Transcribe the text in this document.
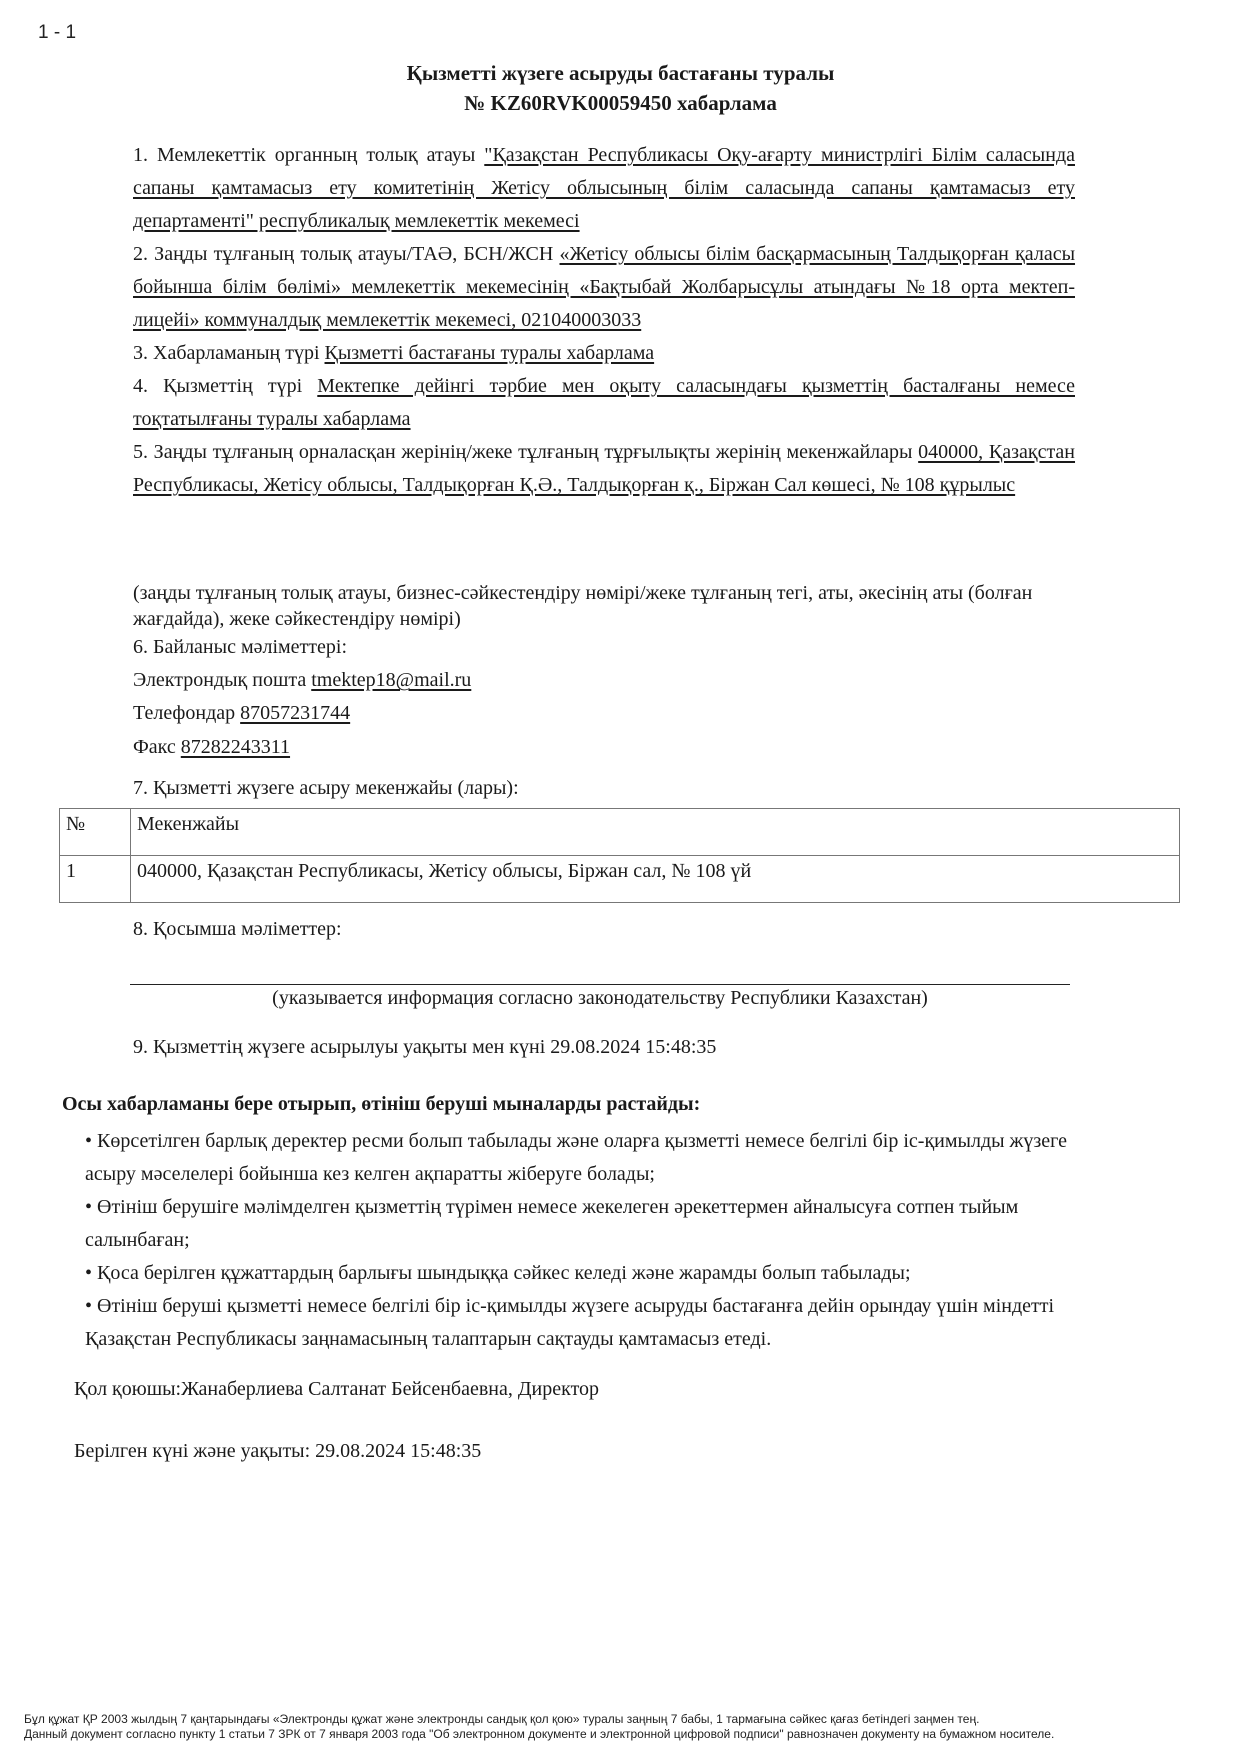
1 - 1
Қызметті жүзеге асыруды бастағаны туралы
№ KZ60RVK00059450 хабарлама

1. Мемлекеттік органның толық атауы "Қазақстан Республикасы Оқу-ағарту министрлігі Білім саласында сапаны қамтамасыз ету комитетінің Жетісу облысының білім саласында сапаны қамтамасыз ету департаменті" республикалық мемлекеттік мекемесі

2. Заңды тұлғаның толық атауы/ТАӘ, БСН/ЖСН «Жетісу облысы білім басқармасының Талдықорған қаласы бойынша білім бөлімі» мемлекеттік мекемесінің «Бақтыбай Жолбарысұлы атындағы №18 орта мектеп-лицейі» коммуналдық мемлекеттік мекемесі, 021040003033

3. Хабарламаның түрі Қызметті бастағаны туралы хабарлама

4. Қызметтің түрі Мектепке дейінгі тәрбие мен оқыту саласындағы қызметтің басталғаны немесе тоқтатылғаны туралы хабарлама

5. Заңды тұлғаның орналасқан жерінің/жеке тұлғаның тұрғылықты жерінің мекенжайлары 040000, Қазақстан Республикасы, Жетісу облысы, Талдықорған Қ.Ә., Талдықорған қ., Біржан Сал көшесі, № 108 құрылыс

(заңды тұлғаның толық атауы, бизнес-сәйкестендіру нөмірі/жеке тұлғаның тегі, аты, әкесінің аты (болған жағдайда), жеке сәйкестендіру нөмірі)
6. Байланыс мәліметтері:
Электрондық пошта tmektep18@mail.ru
Телефондар 87057231744
Факс 87282243311
7. Қызметті жүзеге асыру мекенжайы (лары):
№	Мекенжайы
1	040000, Қазақстан Республикасы, Жетісу облысы, Біржан сал, № 108 үй
8. Қосымша мәліметтер:
(указывается информация согласно законодательству Республики Казахстан)
9. Қызметтің жүзеге асырылуы уақыты мен күні 29.08.2024 15:48:35
Осы хабарламаны бере отырып, өтініш беруші мыналарды растайды:

• Көрсетілген барлық деректер ресми болып табылады және оларға қызметті немесе белгілі бір іс-қимылды жүзеге асыру мәселелері бойынша кез келген ақпаратты жіберуге болады;

• Өтініш берушіге мәлімделген қызметтің түрімен немесе жекелеген әрекеттермен айналысуға сотпен тыйым салынбаған;

• Қоса берілген құжаттардың барлығы шындыққа сәйкес келеді және жарамды болып табылады;

• Өтініш беруші қызметті немесе белгілі бір іс-қимылды жүзеге асыруды бастағанға дейін орындау үшін міндетті Қазақстан Республикасы заңнамасының талаптарын сақтауды қамтамасыз етеді.

Қол қоюшы:Жанаберлиева Салтанат Бейсенбаевна, Директор
Берілген күні және уақыты: 29.08.2024 15:48:35
Бұл құжат ҚР 2003 жылдың 7 қаңтарындағы «Электронды құжат және электронды сандық қол қою» туралы заңның 7 бабы, 1 тармағына сәйкес қағаз бетіндегі заңмен тең.
Данный документ согласно пункту 1 статьи 7 ЗРК от 7 января 2003 года "Об электронном документе и электронной цифровой подписи" равнозначен документу на бумажном носителе.
